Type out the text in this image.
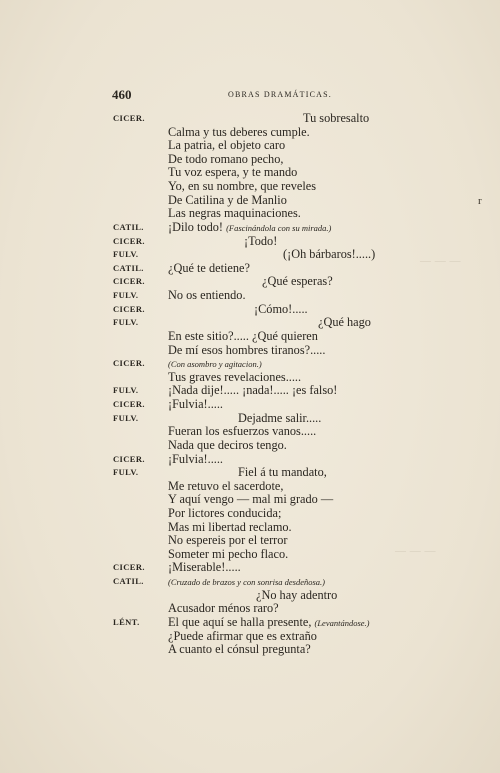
460	OBRAS DRAMÁTICAS.
r
— — —
— — —
CICER.	Tu sobresalto
Calma y tus deberes cumple.
La patria, el objeto caro
De todo romano pecho,
Tu voz espera, y te mando
Yo, en su nombre, que reveles
De Catilina y de Manlio
Las negras maquinaciones.
CATIL. ¡Dilo todo! (Fascinándola con su mirada.)
CICER.	¡Todo!
FULV.	(¡Oh bárbaros!.....)
CATIL. ¿Qué te detiene?
CICER.	¿Qué esperas?
FULV. No os entiendo.
CICER.	¡Cómo!.....
FULV.	¿Qué hago
En este sitio?..... ¿Qué quieren
De mí esos hombres tiranos?.....
CICER.	(Con asombro y agitacion.)
Tus graves revelaciones.....
FULV. ¡Nada dije!..... ¡nada!..... ¡es falso!
CICER. ¡Fulvia!.....
FULV.	Dejadme salir.....
Fueran los esfuerzos vanos.....
Nada que deciros tengo.
CICER. ¡Fulvia!.....
FULV.	Fiel á tu mandato,
Me retuvo el sacerdote,
Y aquí vengo — mal mi grado —
Por lictores conducida;
Mas mi libertad reclamo.
No espereis por el terror
Someter mi pecho flaco.
CICER. ¡Miserable!.....
CATIL.	(Cruzado de brazos y con sonrisa desdeñosa.)
¿No hay adentro
Acusador ménos raro?
LÉNT. El que aquí se halla presente, (Levantándose.)
¿Puede afirmar que es extraño
A cuanto el cónsul pregunta?
